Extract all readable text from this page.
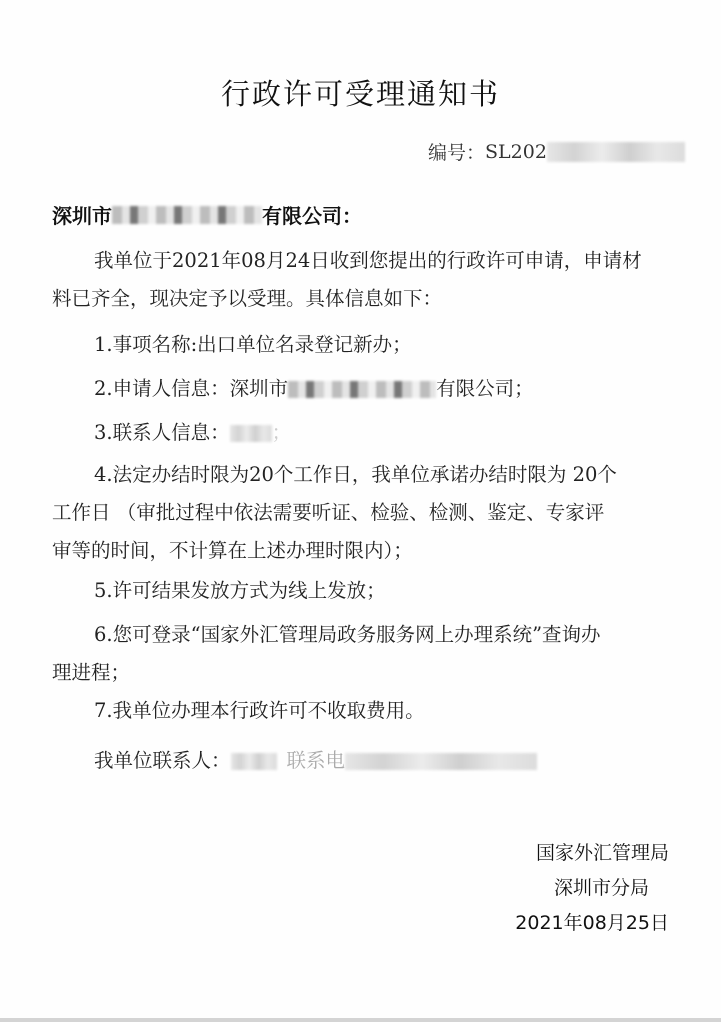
行政许可受理通知书
编号： SL202
深圳市	有限公司：
我单位于2021年08月24日收到您提出的行政许可申请，申请材
料已齐全，现决定予以受理。具体信息如下：
1.事项名称:出口单位名录登记新办；
2.申请人信息：深圳市	有限公司；
3.联系人信息： ；
4.法定办结时限为20个工作日，我单位承诺办结时限为 20个
工作日 （审批过程中依法需要听证、检验、检测、鉴定、专家评
审等的时间，不计算在上述办理时限内）；
5.许可结果发放方式为线上发放；
6.您可登录“国家外汇管理局政务服务网上办理系统”查询办
理进程；
7.我单位办理本行政许可不收取费用。
我单位联系人：	联系电
国家外汇管理局
深圳市分局
2021年08月25日
